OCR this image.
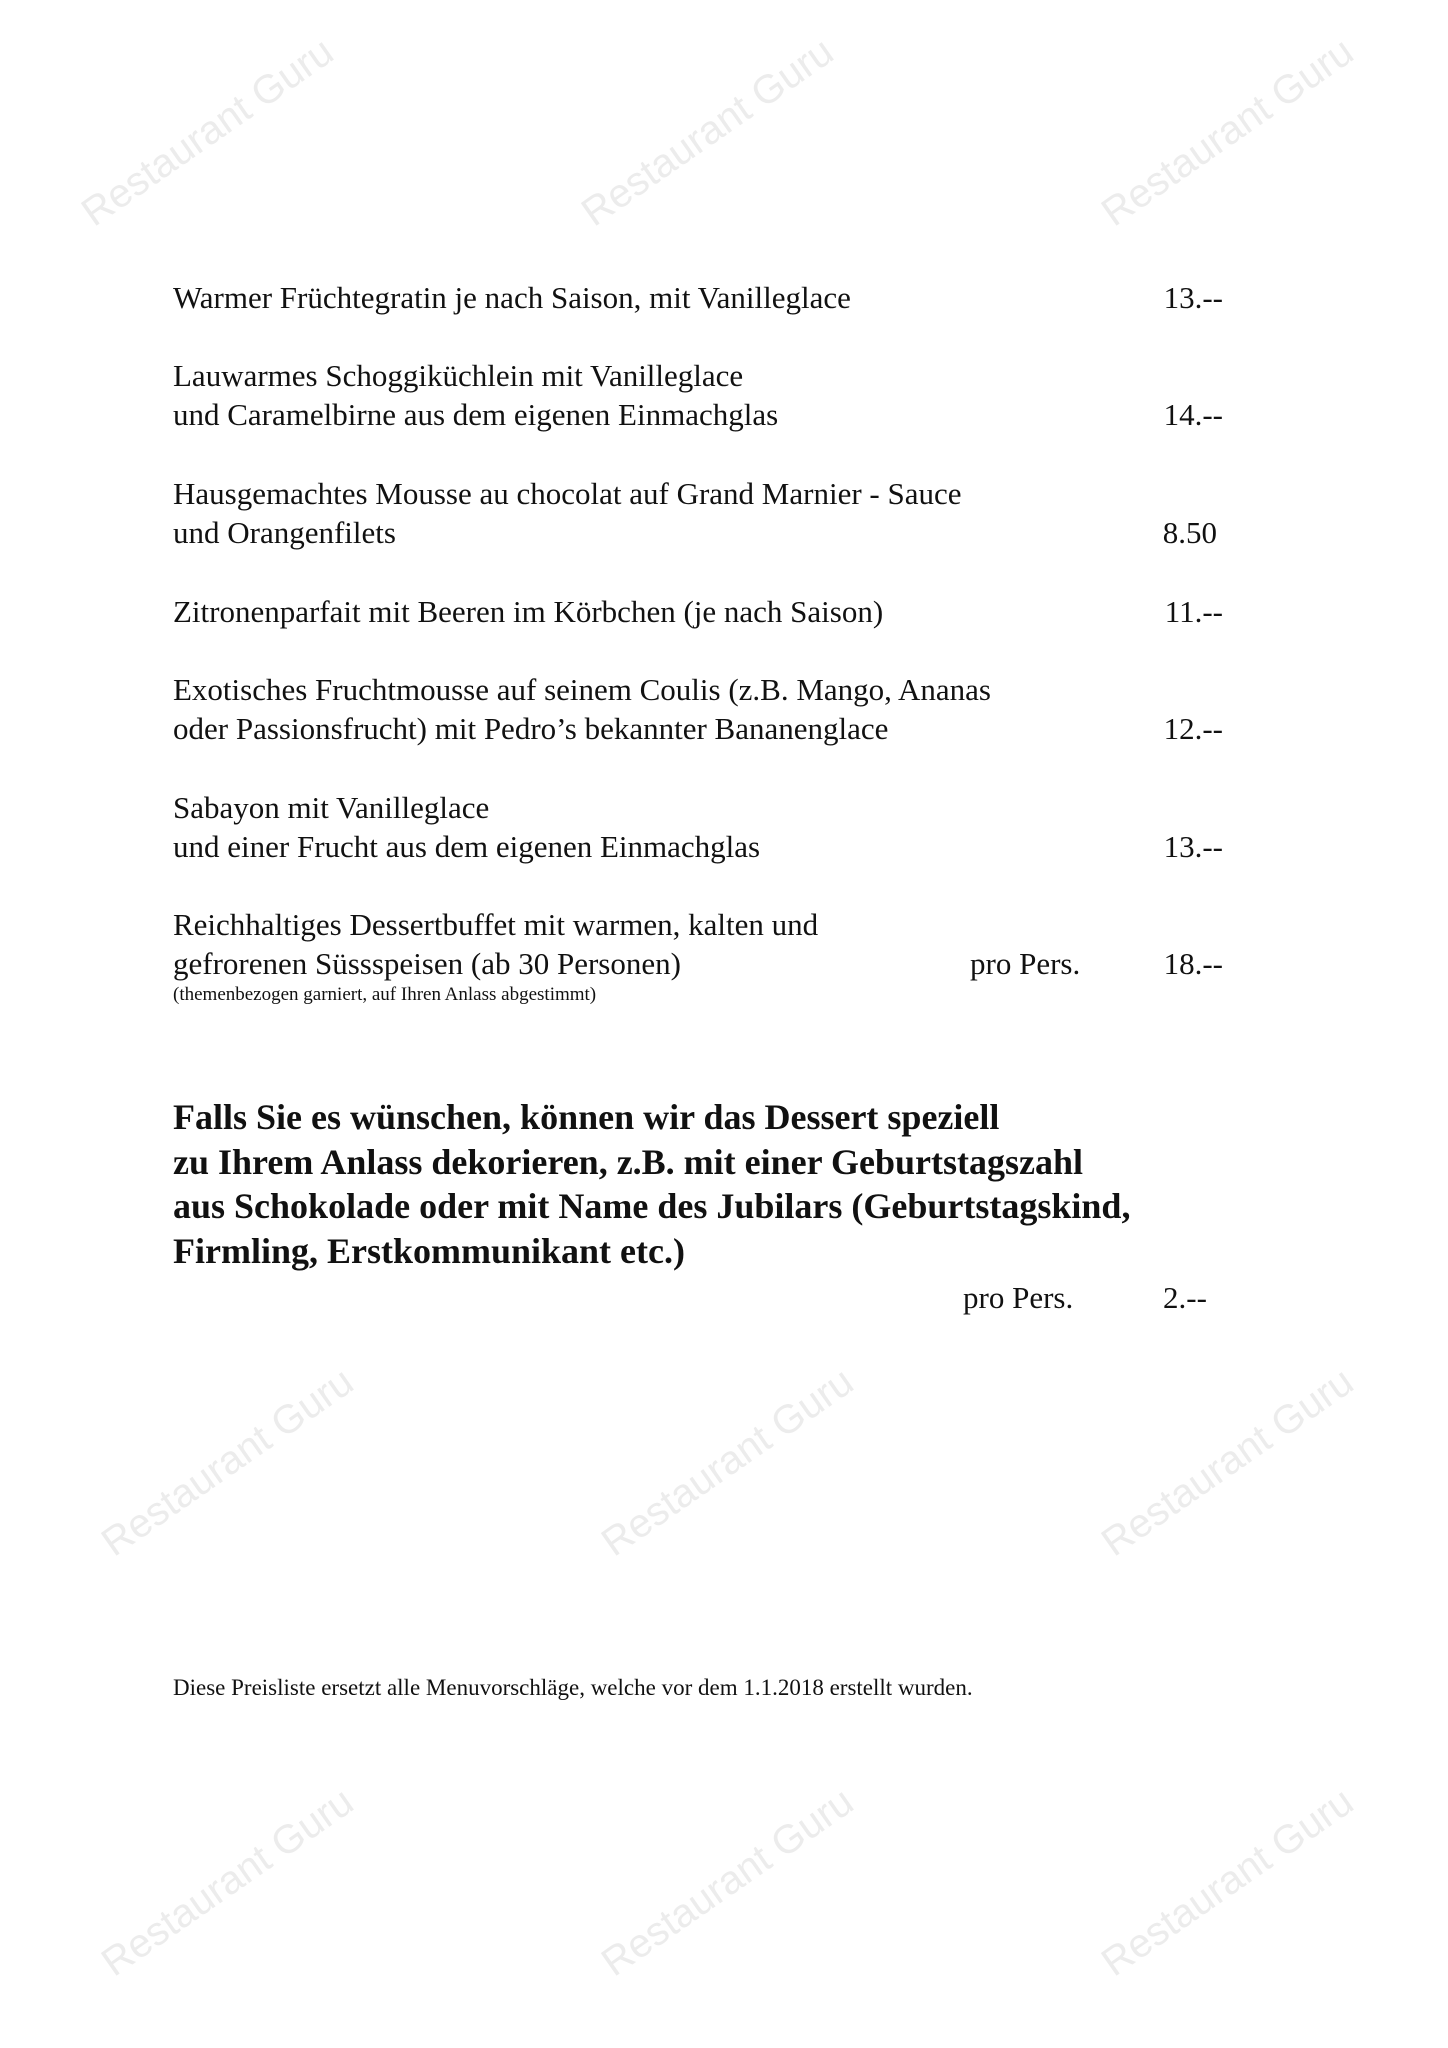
Restaurant Guru	Restaurant Guru	Restaurant Guru
Restaurant Guru	Restaurant Guru	Restaurant Guru
Restaurant Guru	Restaurant Guru	Restaurant Guru
Warmer Früchtegratin je nach Saison, mit Vanilleglace	13.--
Lauwarmes Schoggiküchlein mit Vanilleglace
und Caramelbirne aus dem eigenen Einmachglas	14.--
Hausgemachtes Mousse au chocolat auf Grand Marnier - Sauce
und Orangenfilets	8.50
Zitronenparfait mit Beeren im Körbchen (je nach Saison)	11.--
Exotisches Fruchtmousse auf seinem Coulis (z.B. Mango, Ananas
oder Passionsfrucht) mit Pedro’s bekannter Bananenglace	12.--
Sabayon mit Vanilleglace
und einer Frucht aus dem eigenen Einmachglas	13.--
Reichhaltiges Dessertbuffet mit warmen, kalten und
gefrorenen Süssspeisen (ab 30 Personen)	pro Pers.	18.--
(themenbezogen garniert, auf Ihren Anlass abgestimmt)
Falls Sie es wünschen, können wir das Dessert speziell
zu Ihrem Anlass dekorieren, z.B. mit einer Geburtstagszahl
aus Schokolade oder mit Name des Jubilars (Geburtstagskind,
Firmling, Erstkommunikant etc.)
pro Pers.	2.--
Diese Preisliste ersetzt alle Menuvorschläge, welche vor dem 1.1.2018 erstellt wurden.
